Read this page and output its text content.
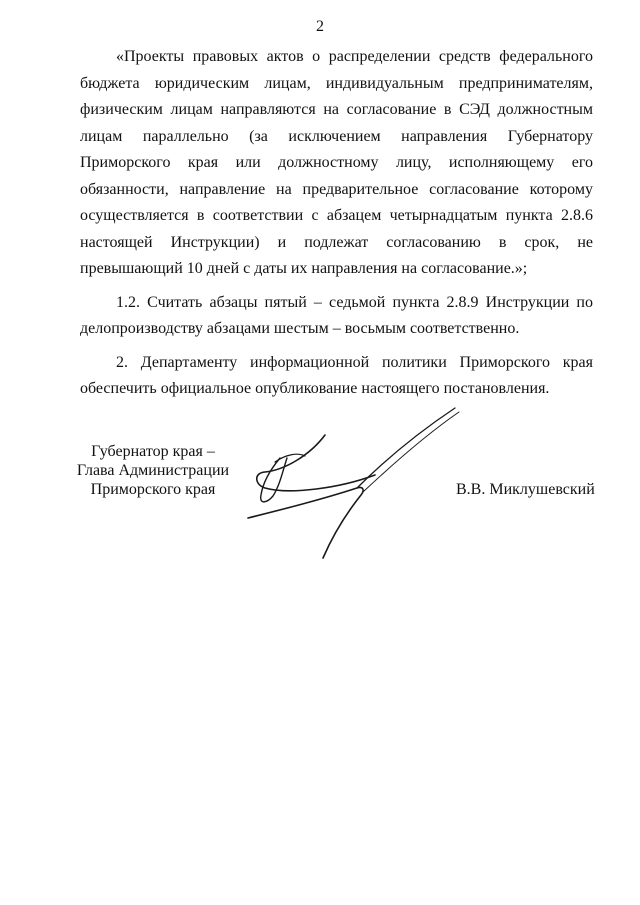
2

«Проекты правовых актов о распределении средств федерального бюджета юридическим лицам, индивидуальным предпринимателям, физическим лицам направляются на согласование в СЭД должностным лицам параллельно (за исключением направления Губернатору Приморского края или должностному лицу, исполняющему его обязанности, направление на предварительное согласование которому осуществляется в соответствии с абзацем четырнадцатым пункта 2.8.6 настоящей Инструкции) и подлежат согласованию в срок, не превышающий 10 дней с даты их направления на согласование.»;

1.2. Считать абзацы пятый – седьмой пункта 2.8.9 Инструкции по делопроизводству абзацами шестым – восьмым соответственно.

2. Департаменту информационной политики Приморского края обеспечить официальное опубликование настоящего постановления.

Губернатор края –
Глава Администрации
Приморского края	В.В. Миклушевский
